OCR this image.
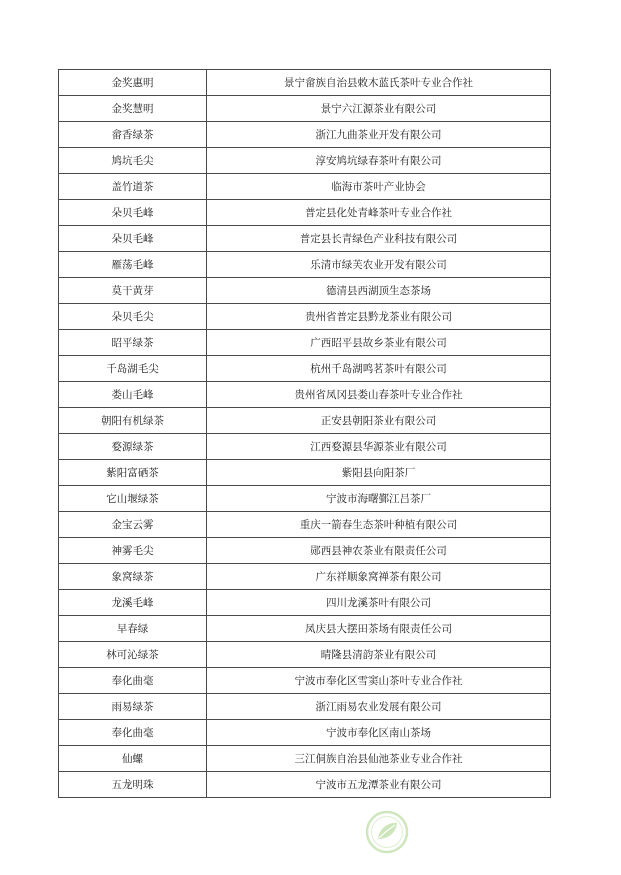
金奖惠明	景宁畲族自治县敕木蓝氏茶叶专业合作社
金奖慧明	景宁六江源茶业有限公司
畲香绿茶	浙江九曲茶业开发有限公司
鸠坑毛尖	淳安鸠坑绿春茶叶有限公司
盖竹道茶	临海市茶叶产业协会
朵贝毛峰	普定县化处青峰茶叶专业合作社
朵贝毛峰	普定县长青绿色产业科技有限公司
雁荡毛峰	乐清市绿芙农业开发有限公司
莫干黄芽	德清县西湖顶生态茶场
朵贝毛尖	贵州省普定县黔龙茶业有限公司
昭平绿茶	广西昭平县故乡茶业有限公司
千岛湖毛尖	杭州千岛湖鸣茗茶叶有限公司
娄山毛峰	贵州省凤冈县娄山春茶叶专业合作社
朝阳有机绿茶	正安县朝阳茶业有限公司
婺源绿茶	江西婺源县华源茶业有限公司
紫阳富硒茶	紫阳县向阳茶厂
它山堰绿茶	宁波市海曙鄞江吕茶厂
金宝云雾	重庆一箭春生态茶叶种植有限公司
神雾毛尖	郧西县神农茶业有限责任公司
象窝绿茶	广东祥顺象窝禅茶有限公司
龙溪毛峰	四川龙溪茶叶有限公司
早春绿	凤庆县大摆田茶场有限责任公司
林可沁绿茶	晴隆县清韵茶业有限公司
奉化曲毫	宁波市奉化区雪窦山茶叶专业合作社
雨易绿茶	浙江雨易农业发展有限公司
奉化曲毫	宁波市奉化区南山茶场
仙螺	三江侗族自治县仙池茶业专业合作社
五龙明珠	宁波市五龙潭茶业有限公司
